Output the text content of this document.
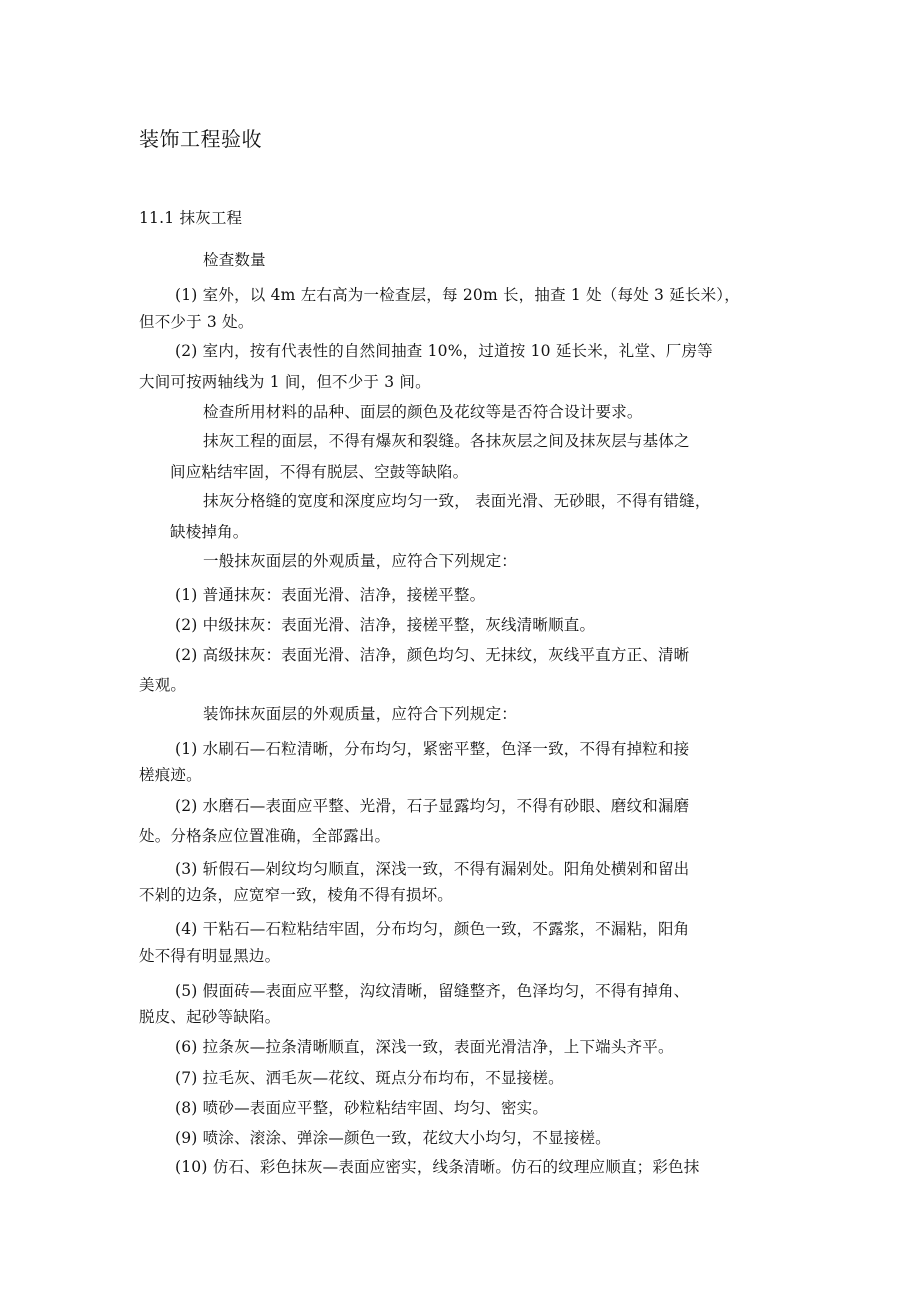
装饰工程验收
11.1 抹灰工程
检查数量
(1) 室外，以 4m 左右高为一检查层，每 20m 长，抽查 1 处（每处 3 延长米），
但不少于 3 处。
(2) 室内，按有代表性的自然间抽查 10%，过道按 10 延长米，礼堂、厂房等
大间可按两轴线为 1 间，但不少于 3 间。
检查所用材料的品种、面层的颜色及花纹等是否符合设计要求。
抹灰工程的面层，不得有爆灰和裂缝。各抹灰层之间及抹灰层与基体之
间应粘结牢固，不得有脱层、空鼓等缺陷。
抹灰分格缝的宽度和深度应均匀一致， 表面光滑、无砂眼，不得有错缝，
缺棱掉角。
一般抹灰面层的外观质量，应符合下列规定：
(1) 普通抹灰：表面光滑、洁净，接槎平整。
(2) 中级抹灰：表面光滑、洁净，接槎平整，灰线清晰顺直。
(2) 高级抹灰：表面光滑、洁净，颜色均匀、无抹纹，灰线平直方正、清晰
美观。
装饰抹灰面层的外观质量，应符合下列规定：
(1) 水刷石—石粒清晰，分布均匀，紧密平整，色泽一致，不得有掉粒和接
槎痕迹。
(2) 水磨石—表面应平整、光滑，石子显露均匀，不得有砂眼、磨纹和漏磨
处。分格条应位置准确，全部露出。
(3) 斩假石—剁纹均匀顺直，深浅一致，不得有漏剁处。阳角处横剁和留出
不剁的边条，应宽窄一致，棱角不得有损坏。
(4) 干粘石—石粒粘结牢固，分布均匀，颜色一致，不露浆，不漏粘，阳角
处不得有明显黑边。
(5) 假面砖—表面应平整，沟纹清晰，留缝整齐，色泽均匀，不得有掉角、
脱皮、起砂等缺陷。
(6) 拉条灰—拉条清晰顺直，深浅一致，表面光滑洁净，上下端头齐平。
(7) 拉毛灰、洒毛灰—花纹、斑点分布均布，不显接槎。
(8) 喷砂—表面应平整，砂粒粘结牢固、均匀、密实。
(9) 喷涂、滚涂、弹涂—颜色一致，花纹大小均匀，不显接槎。
(10) 仿石、彩色抹灰—表面应密实，线条清晰。仿石的纹理应顺直；彩色抹
